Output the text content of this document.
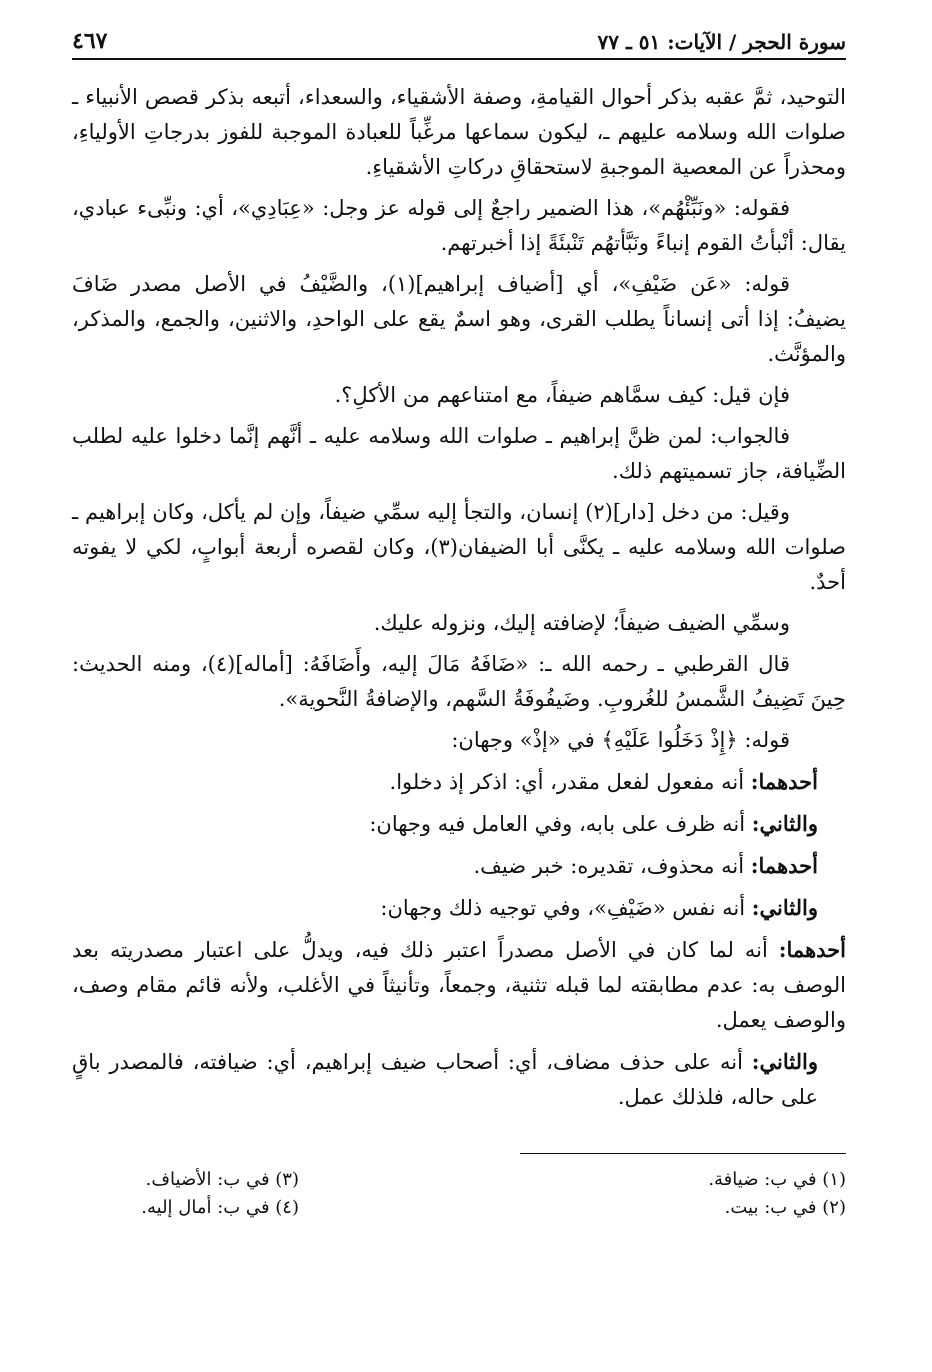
سورة الحجر / الآيات: ٥١ ـ ٧٧
٤٦٧

التوحيد، ثمَّ عقبه بذكر أحوال القيامةِ، وصفة الأشقياء، والسعداء، أتبعه بذكر قصص الأنبياء ـ صلوات الله وسلامه عليهم ـ، ليكون سماعها مرغِّباً للعبادة الموجبة للفوز بدرجاتِ الأولياءِ، ومحذراً عن المعصية الموجبةِ لاستحقاقِ دركاتِ الأشقياءِ.

فقوله: «ونَبِّئْهُم»، هذا الضمير راجعٌ إلى قوله عز وجل: «عِبَادِي»، أي: ونبِّىء عبادي، يقال: أنْبأتُ القوم إنباءً ونَبَّأتهُم تَنْبئَةً إذا أخبرتهم.

قوله: «عَن ضَيْفِ»، أي [أضياف إبراهيم](١)، والضَّيْفُ في الأصل مصدر ضَافَ يضيفُ: إذا أتى إنساناً يطلب القرى، وهو اسمٌ يقع على الواحدِ، والاثنين، والجمع، والمذكر، والمؤنَّث.

فإن قيل: كيف سمَّاهم ضيفاً، مع امتناعهم من الأكلِ؟.

فالجواب: لمن ظنَّ إبراهيم ـ صلوات الله وسلامه عليه ـ أنَّهم إنَّما دخلوا عليه لطلب الضِّيافة، جاز تسميتهم ذلك.

وقيل: من دخل [دار](٢) إنسان، والتجأ إليه سمِّي ضيفاً، وإن لم يأكل، وكان إبراهيم ـ صلوات الله وسلامه عليه ـ يكنَّى أبا الضيفان(٣)، وكان لقصره أربعة أبوابٍ، لكي لا يفوته أحدٌ.

وسمِّي الضيف ضيفاً؛ لإضافته إليك، ونزوله عليك.

قال القرطبي ـ رحمه الله ـ: «ضَافَهُ مَالَ إليه، وأَضَافَهُ: [أماله](٤)، ومنه الحديث: حِينَ تَضِيفُ الشَّمسُ للغُروبِ. وضَيفُوفَةُ السَّهم، والإضافةُ النَّحوية».

قوله: ﴿إِذْ دَخَلُوا عَلَيْهِ﴾ في «إذْ» وجهان:

أحدهما: أنه مفعول لفعل مقدر، أي: اذكر إذ دخلوا.

والثاني: أنه ظرف على بابه، وفي العامل فيه وجهان:

أحدهما: أنه محذوف، تقديره: خبر ضيف.

والثاني: أنه نفس «ضَيْفِ»، وفي توجيه ذلك وجهان:

أحدهما: أنه لما كان في الأصل مصدراً اعتبر ذلك فيه، ويدلُّ على اعتبار مصدريته بعد الوصف به: عدم مطابقته لما قبله تثنية، وجمعاً، وتأنيثاً في الأغلب، ولأنه قائم مقام وصف، والوصف يعمل.

والثاني: أنه على حذف مضاف، أي: أصحاب ضيف إبراهيم، أي: ضيافته، فالمصدر باقٍ على حاله، فلذلك عمل.

(١) في ب: ضيافة.
(٢) في ب: بيت.
(٣) في ب: الأضياف.
(٤) في ب: أمال إليه.
